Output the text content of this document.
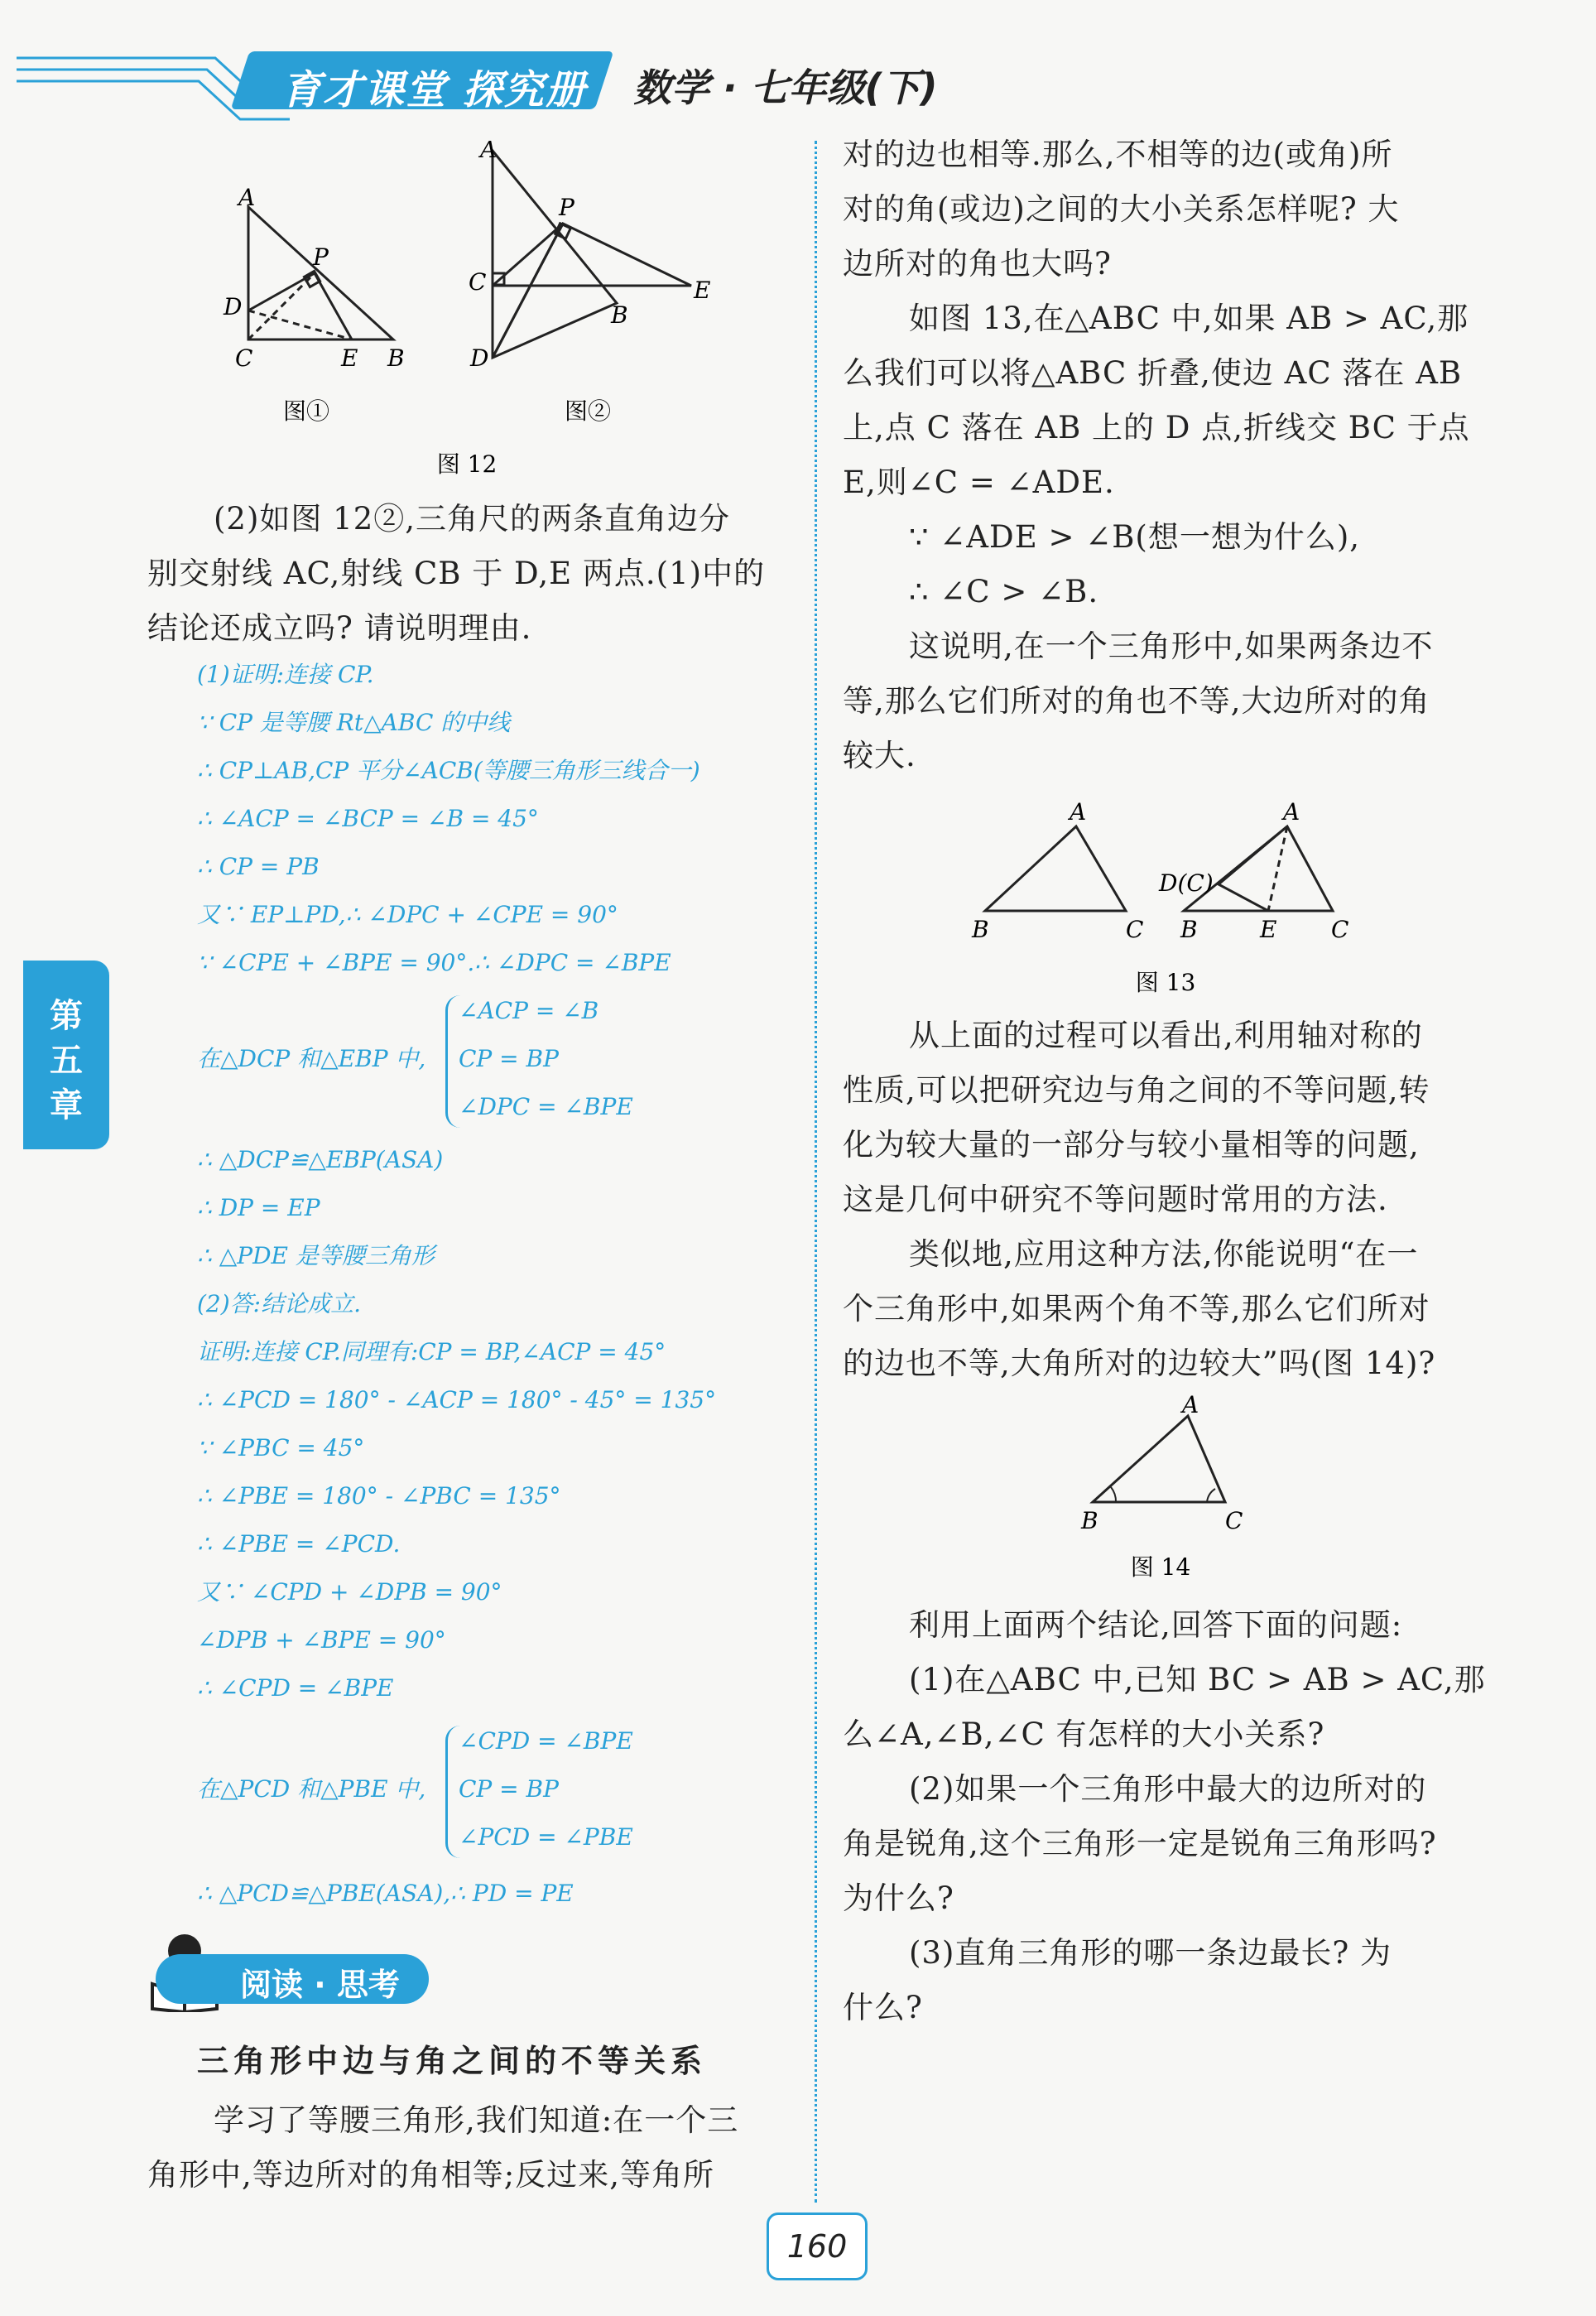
育才课堂 探究册 数学 · 七年级(下)
第五章
A
P
D
C	E B
图①
A
P
C
B
E
D
图②
图 12
(2)如图 12②,三角尺的两条直角边分
别交射线 AC,射线 CB 于 D,E 两点.(1)中的
结论还成立吗? 请说明理由.
(1)证明:连接 CP.
∵ CP 是等腰 Rt△ABC 的中线
∴ CP⊥AB,CP 平分∠ACB(等腰三角形三线合一)
∴ ∠ACP = ∠BCP = ∠B = 45°
∴ CP = PB
又∵ EP⊥PD,∴ ∠DPC + ∠CPE = 90°
∵ ∠CPE + ∠BPE = 90°.∴ ∠DPC = ∠BPE
在△DCP 和△EBP 中,
∠ACP = ∠B
CP = BP
∠DPC = ∠BPE
∴ △DCP≌△EBP(ASA)
∴ DP = EP
∴ △PDE 是等腰三角形
(2)答:结论成立.
证明:连接 CP.同理有:CP = BP,∠ACP = 45°
∴ ∠PCD = 180° - ∠ACP = 180° - 45° = 135°
∵ ∠PBC = 45°
∴ ∠PBE = 180° - ∠PBC = 135°
∴ ∠PBE = ∠PCD.
又∵ ∠CPD + ∠DPB = 90°
∠DPB + ∠BPE = 90°
∴ ∠CPD = ∠BPE
在△PCD 和△PBE 中,
∠CPD = ∠BPE
CP = BP
∠PCD = ∠PBE
∴ △PCD≌△PBE(ASA),∴ PD = PE
阅读 · 思考
三角形中边与角之间的不等关系
学习了等腰三角形,我们知道:在一个三
角形中,等边所对的角相等;反过来,等角所
对的边也相等.那么,不相等的边(或角)所
对的角(或边)之间的大小关系怎样呢? 大
边所对的角也大吗?
如图 13,在△ABC 中,如果 AB > AC,那
么我们可以将△ABC 折叠,使边 AC 落在 AB
上,点 C 落在 AB 上的 D 点,折线交 BC 于点
E,则∠C = ∠ADE.
∵ ∠ADE > ∠B(想一想为什么),
∴ ∠C > ∠B.
这说明,在一个三角形中,如果两条边不
等,那么它们所对的角也不等,大边所对的角
较大.
A
B	C
A
D(C)
B	E C
图 13
从上面的过程可以看出,利用轴对称的
性质,可以把研究边与角之间的不等问题,转
化为较大量的一部分与较小量相等的问题,
这是几何中研究不等问题时常用的方法.
类似地,应用这种方法,你能说明“在一
个三角形中,如果两个角不等,那么它们所对
的边也不等,大角所对的边较大”吗(图 14)?
A
B	C
图 14
利用上面两个结论,回答下面的问题:
(1)在△ABC 中,已知 BC > AB > AC,那
么∠A,∠B,∠C 有怎样的大小关系?
(2)如果一个三角形中最大的边所对的
角是锐角,这个三角形一定是锐角三角形吗?
为什么?
(3)直角三角形的哪一条边最长? 为
什么?
160
